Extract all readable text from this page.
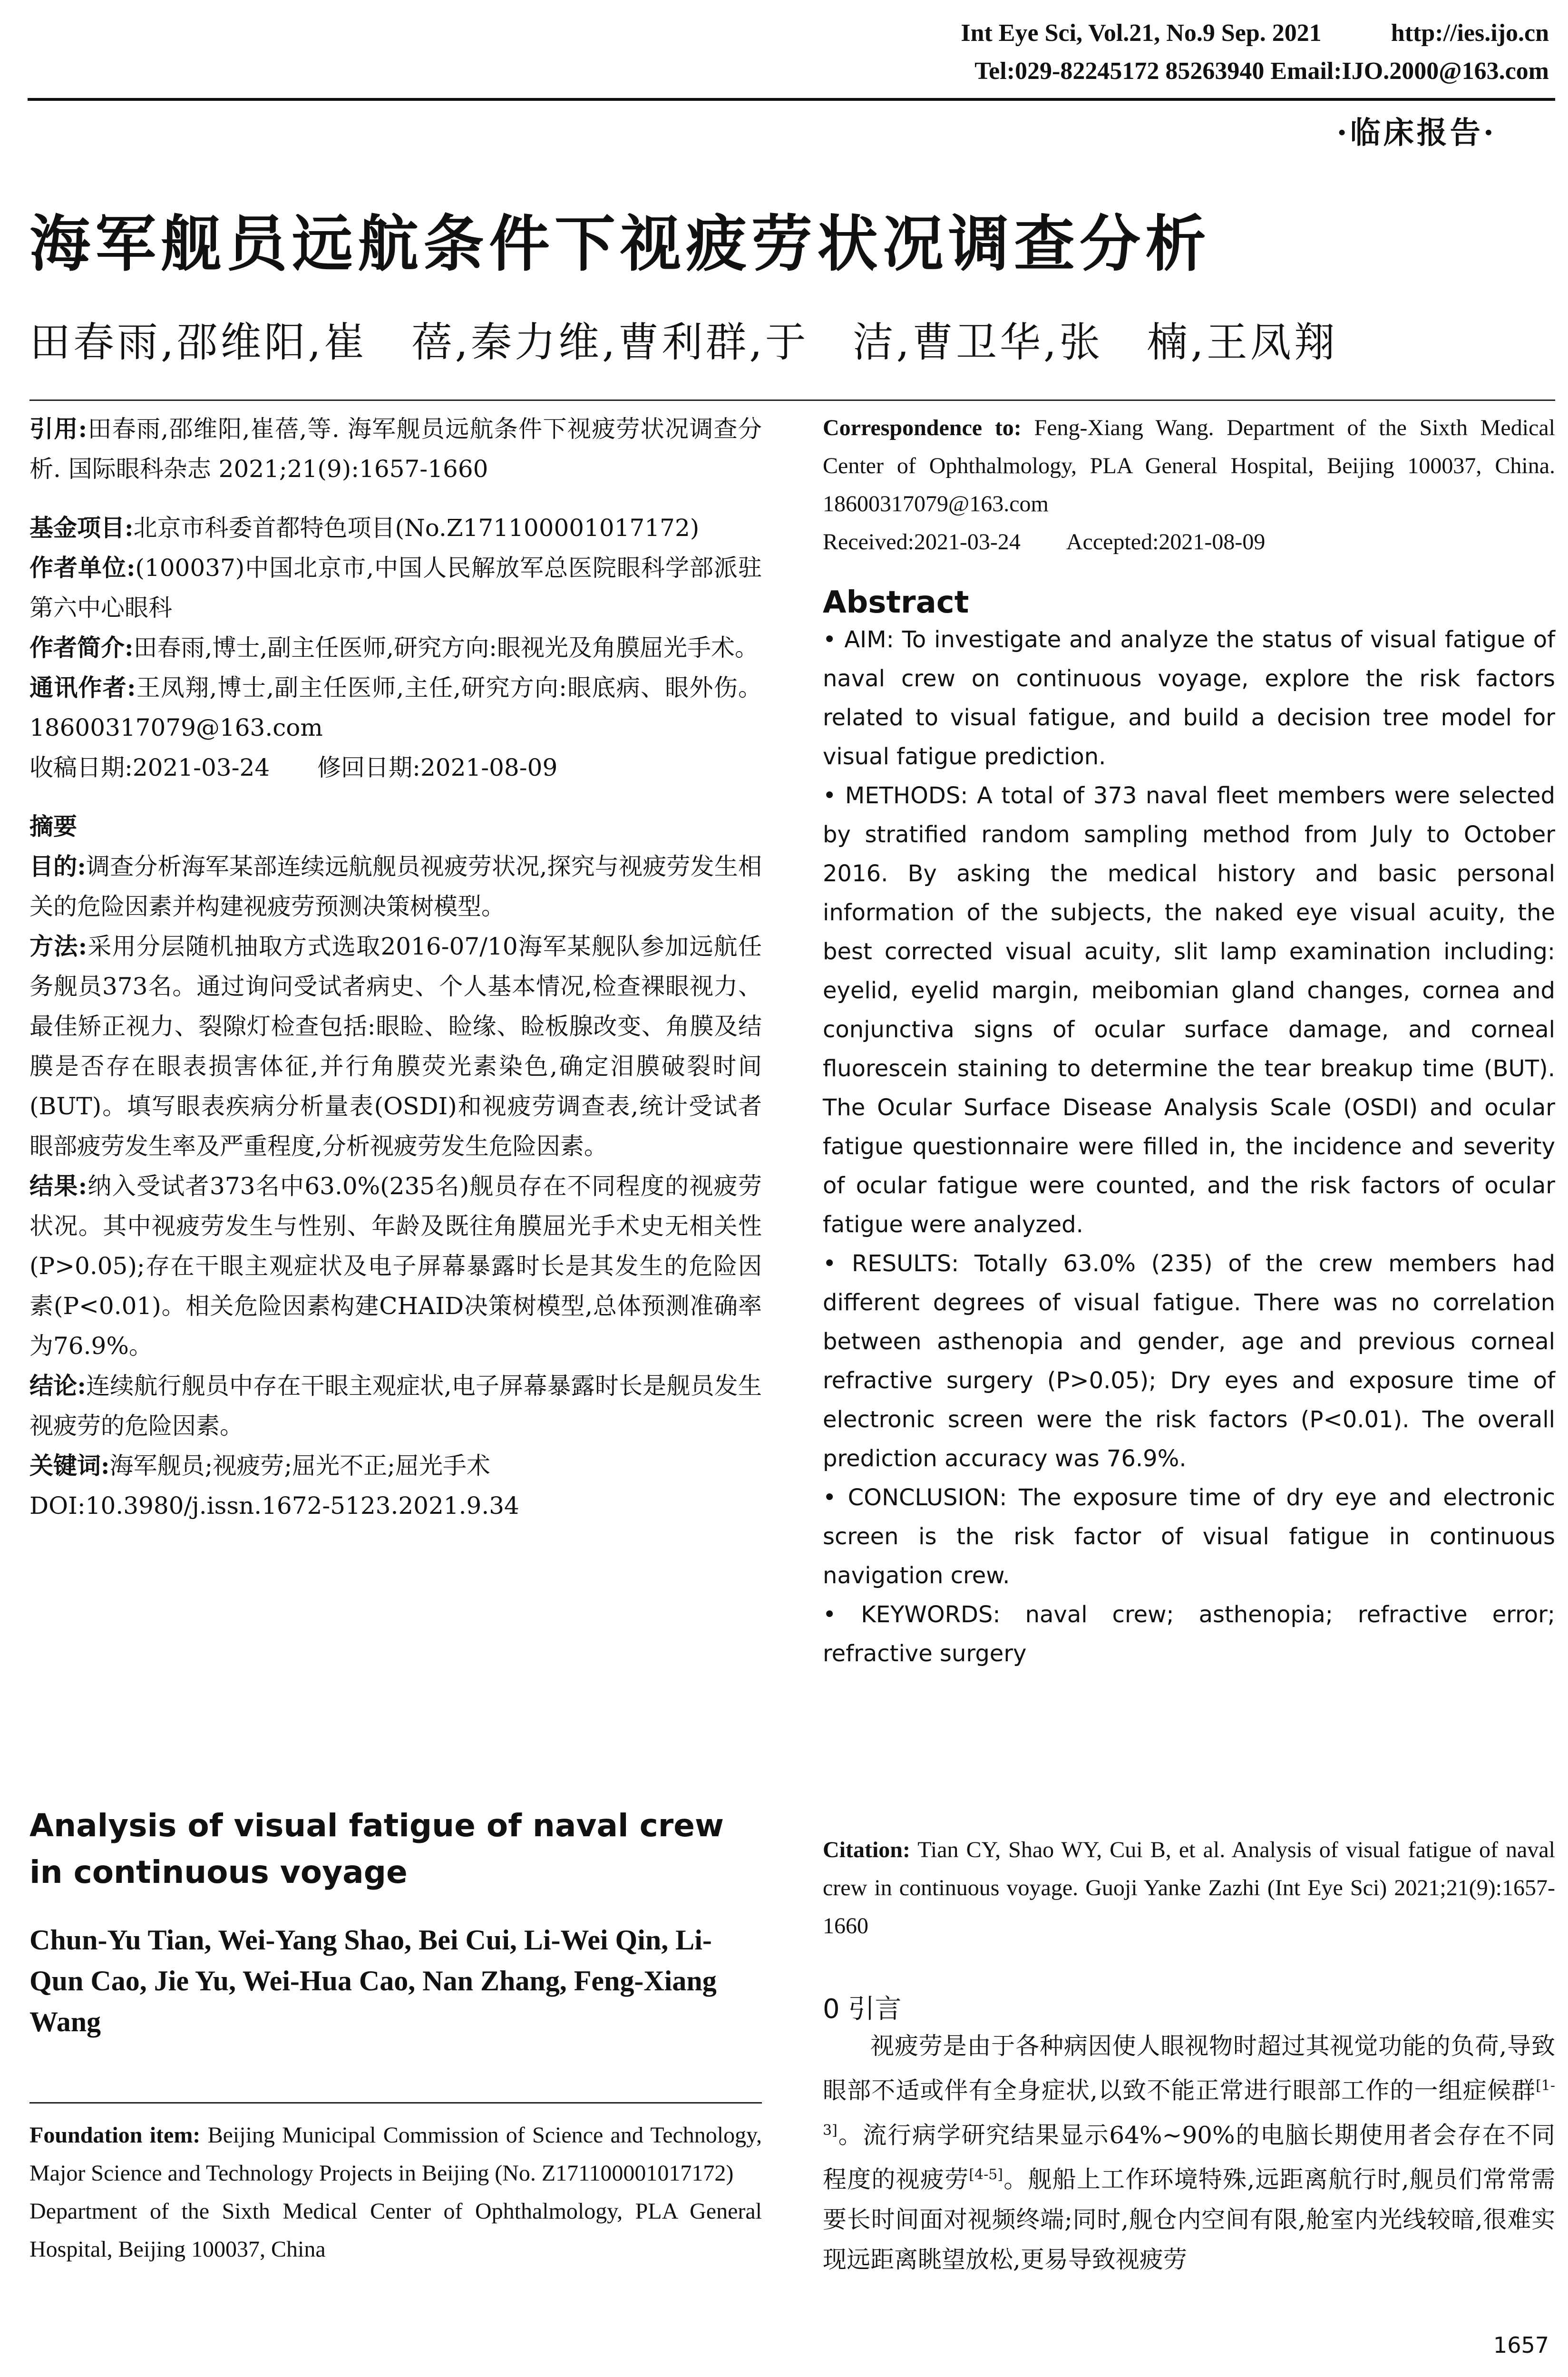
Int Eye Sci, Vol.21, No.9 Sep. 2021	http://ies.ijo.cn
Tel:029-82245172 85263940 Email:IJO.2000@163.com
·临床报告·
海军舰员远航条件下视疲劳状况调查分析
田春雨,邵维阳,崔　蓓,秦力维,曹利群,于　洁,曹卫华,张　楠,王凤翔

引用:田春雨,邵维阳,崔蓓,等. 海军舰员远航条件下视疲劳状况调查分析. 国际眼科杂志 2021;21(9):1657-1660

基金项目:北京市科委首都特色项目(No.Z171100001017172)

作者单位:(100037)中国北京市,中国人民解放军总医院眼科学部派驻第六中心眼科

作者简介:田春雨,博士,副主任医师,研究方向:眼视光及角膜屈光手术。

通讯作者:王凤翔,博士,副主任医师,主任,研究方向:眼底病、眼外伤。18600317079@163.com

收稿日期:2021-03-24　　修回日期:2021-08-09

摘要

目的:调查分析海军某部连续远航舰员视疲劳状况,探究与视疲劳发生相关的危险因素并构建视疲劳预测决策树模型。

方法:采用分层随机抽取方式选取2016-07/10海军某舰队参加远航任务舰员373名。通过询问受试者病史、个人基本情况,检查裸眼视力、最佳矫正视力、裂隙灯检查包括:眼睑、睑缘、睑板腺改变、角膜及结膜是否存在眼表损害体征,并行角膜荧光素染色,确定泪膜破裂时间(BUT)。填写眼表疾病分析量表(OSDI)和视疲劳调查表,统计受试者眼部疲劳发生率及严重程度,分析视疲劳发生危险因素。

结果:纳入受试者373名中63.0%(235名)舰员存在不同程度的视疲劳状况。其中视疲劳发生与性别、年龄及既往角膜屈光手术史无相关性(P>0.05);存在干眼主观症状及电子屏幕暴露时长是其发生的危险因素(P<0.01)。相关危险因素构建CHAID决策树模型,总体预测准确率为76.9%。

结论:连续航行舰员中存在干眼主观症状,电子屏幕暴露时长是舰员发生视疲劳的危险因素。

关键词:海军舰员;视疲劳;屈光不正;屈光手术

DOI:10.3980/j.issn.1672-5123.2021.9.34

Analysis of visual fatigue of naval crew in continuous voyage
Chun-Yu Tian, Wei-Yang Shao, Bei Cui, Li-Wei Qin, Li-Qun Cao, Jie Yu, Wei-Hua Cao, Nan Zhang, Feng-Xiang Wang

Foundation item: Beijing Municipal Commission of Science and Technology, Major Science and Technology Projects in Beijing (No. Z171100001017172)

Department of the Sixth Medical Center of Ophthalmology, PLA General Hospital, Beijing 100037, China

Correspondence to: Feng-Xiang Wang. Department of the Sixth Medical Center of Ophthalmology, PLA General Hospital, Beijing 100037, China. 18600317079@163.com

Received:2021-03-24　　Accepted:2021-08-09

Abstract

• AIM: To investigate and analyze the status of visual fatigue of naval crew on continuous voyage, explore the risk factors related to visual fatigue, and build a decision tree model for visual fatigue prediction.

• METHODS: A total of 373 naval fleet members were selected by stratified random sampling method from July to October 2016. By asking the medical history and basic personal information of the subjects, the naked eye visual acuity, the best corrected visual acuity, slit lamp examination including: eyelid, eyelid margin, meibomian gland changes, cornea and conjunctiva signs of ocular surface damage, and corneal fluorescein staining to determine the tear breakup time (BUT). The Ocular Surface Disease Analysis Scale (OSDI) and ocular fatigue questionnaire were filled in, the incidence and severity of ocular fatigue were counted, and the risk factors of ocular fatigue were analyzed.

• RESULTS: Totally 63.0% (235) of the crew members had different degrees of visual fatigue. There was no correlation between asthenopia and gender, age and previous corneal refractive surgery (P>0.05); Dry eyes and exposure time of electronic screen were the risk factors (P<0.01). The overall prediction accuracy was 76.9%.

• CONCLUSION: The exposure time of dry eye and electronic screen is the risk factor of visual fatigue in continuous navigation crew.

• KEYWORDS: naval crew; asthenopia; refractive error; refractive surgery

Citation: Tian CY, Shao WY, Cui B, et al. Analysis of visual fatigue of naval crew in continuous voyage. Guoji Yanke Zazhi (Int Eye Sci) 2021;21(9):1657-1660

0 引言

视疲劳是由于各种病因使人眼视物时超过其视觉功能的负荷,导致眼部不适或伴有全身症状,以致不能正常进行眼部工作的一组症候群[1-3]。流行病学研究结果显示64%~90%的电脑长期使用者会存在不同程度的视疲劳[4-5]。舰船上工作环境特殊,远距离航行时,舰员们常常需要长时间面对视频终端;同时,舰仓内空间有限,舱室内光线较暗,很难实现远距离眺望放松,更易导致视疲劳

1657
